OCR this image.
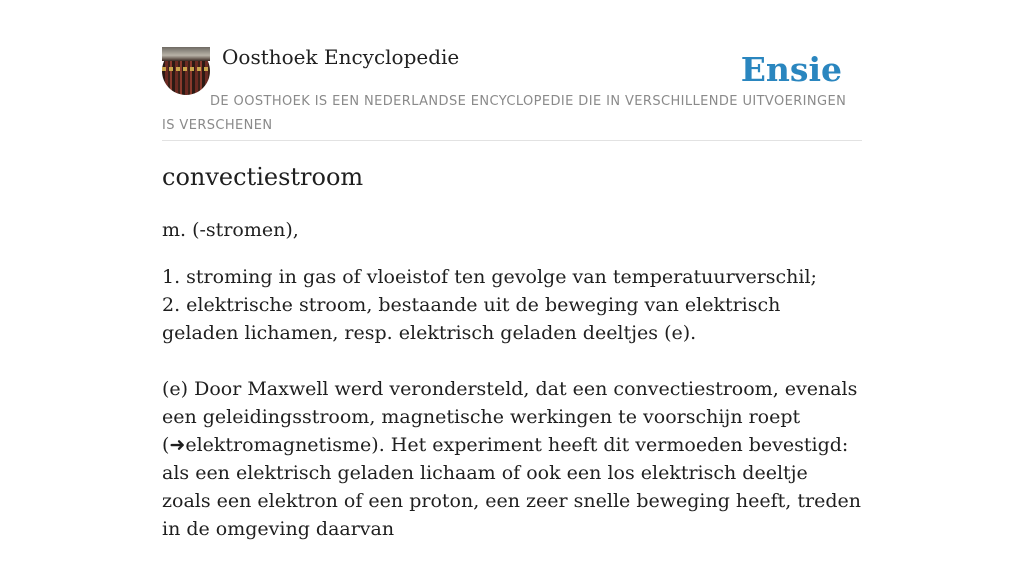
Oosthoek Encyclopedie	Ensie
DE OOSTHOEK IS EEN NEDERLANDSE ENCYCLOPEDIE DIE IN VERSCHILLENDE UITVOERINGEN IS VERSCHENEN
convectiestroom

m. (-stromen),

1. stroming in gas of vloeistof ten gevolge van temperatuurverschil;
2. elektrische stroom, bestaande uit de beweging van elektrisch geladen lichamen, resp. elektrisch geladen deeltjes (e).

(e) Door Maxwell werd verondersteld, dat een convectiestroom, evenals een geleidingsstroom, magnetische werkingen te voorschijn roept (➜elektromagnetisme). Het experiment heeft dit vermoeden bevestigd: als een elektrisch geladen lichaam of ook een los elektrisch deeltje zoals een elektron of een proton, een zeer snelle beweging heeft, treden in de omgeving daarvan
